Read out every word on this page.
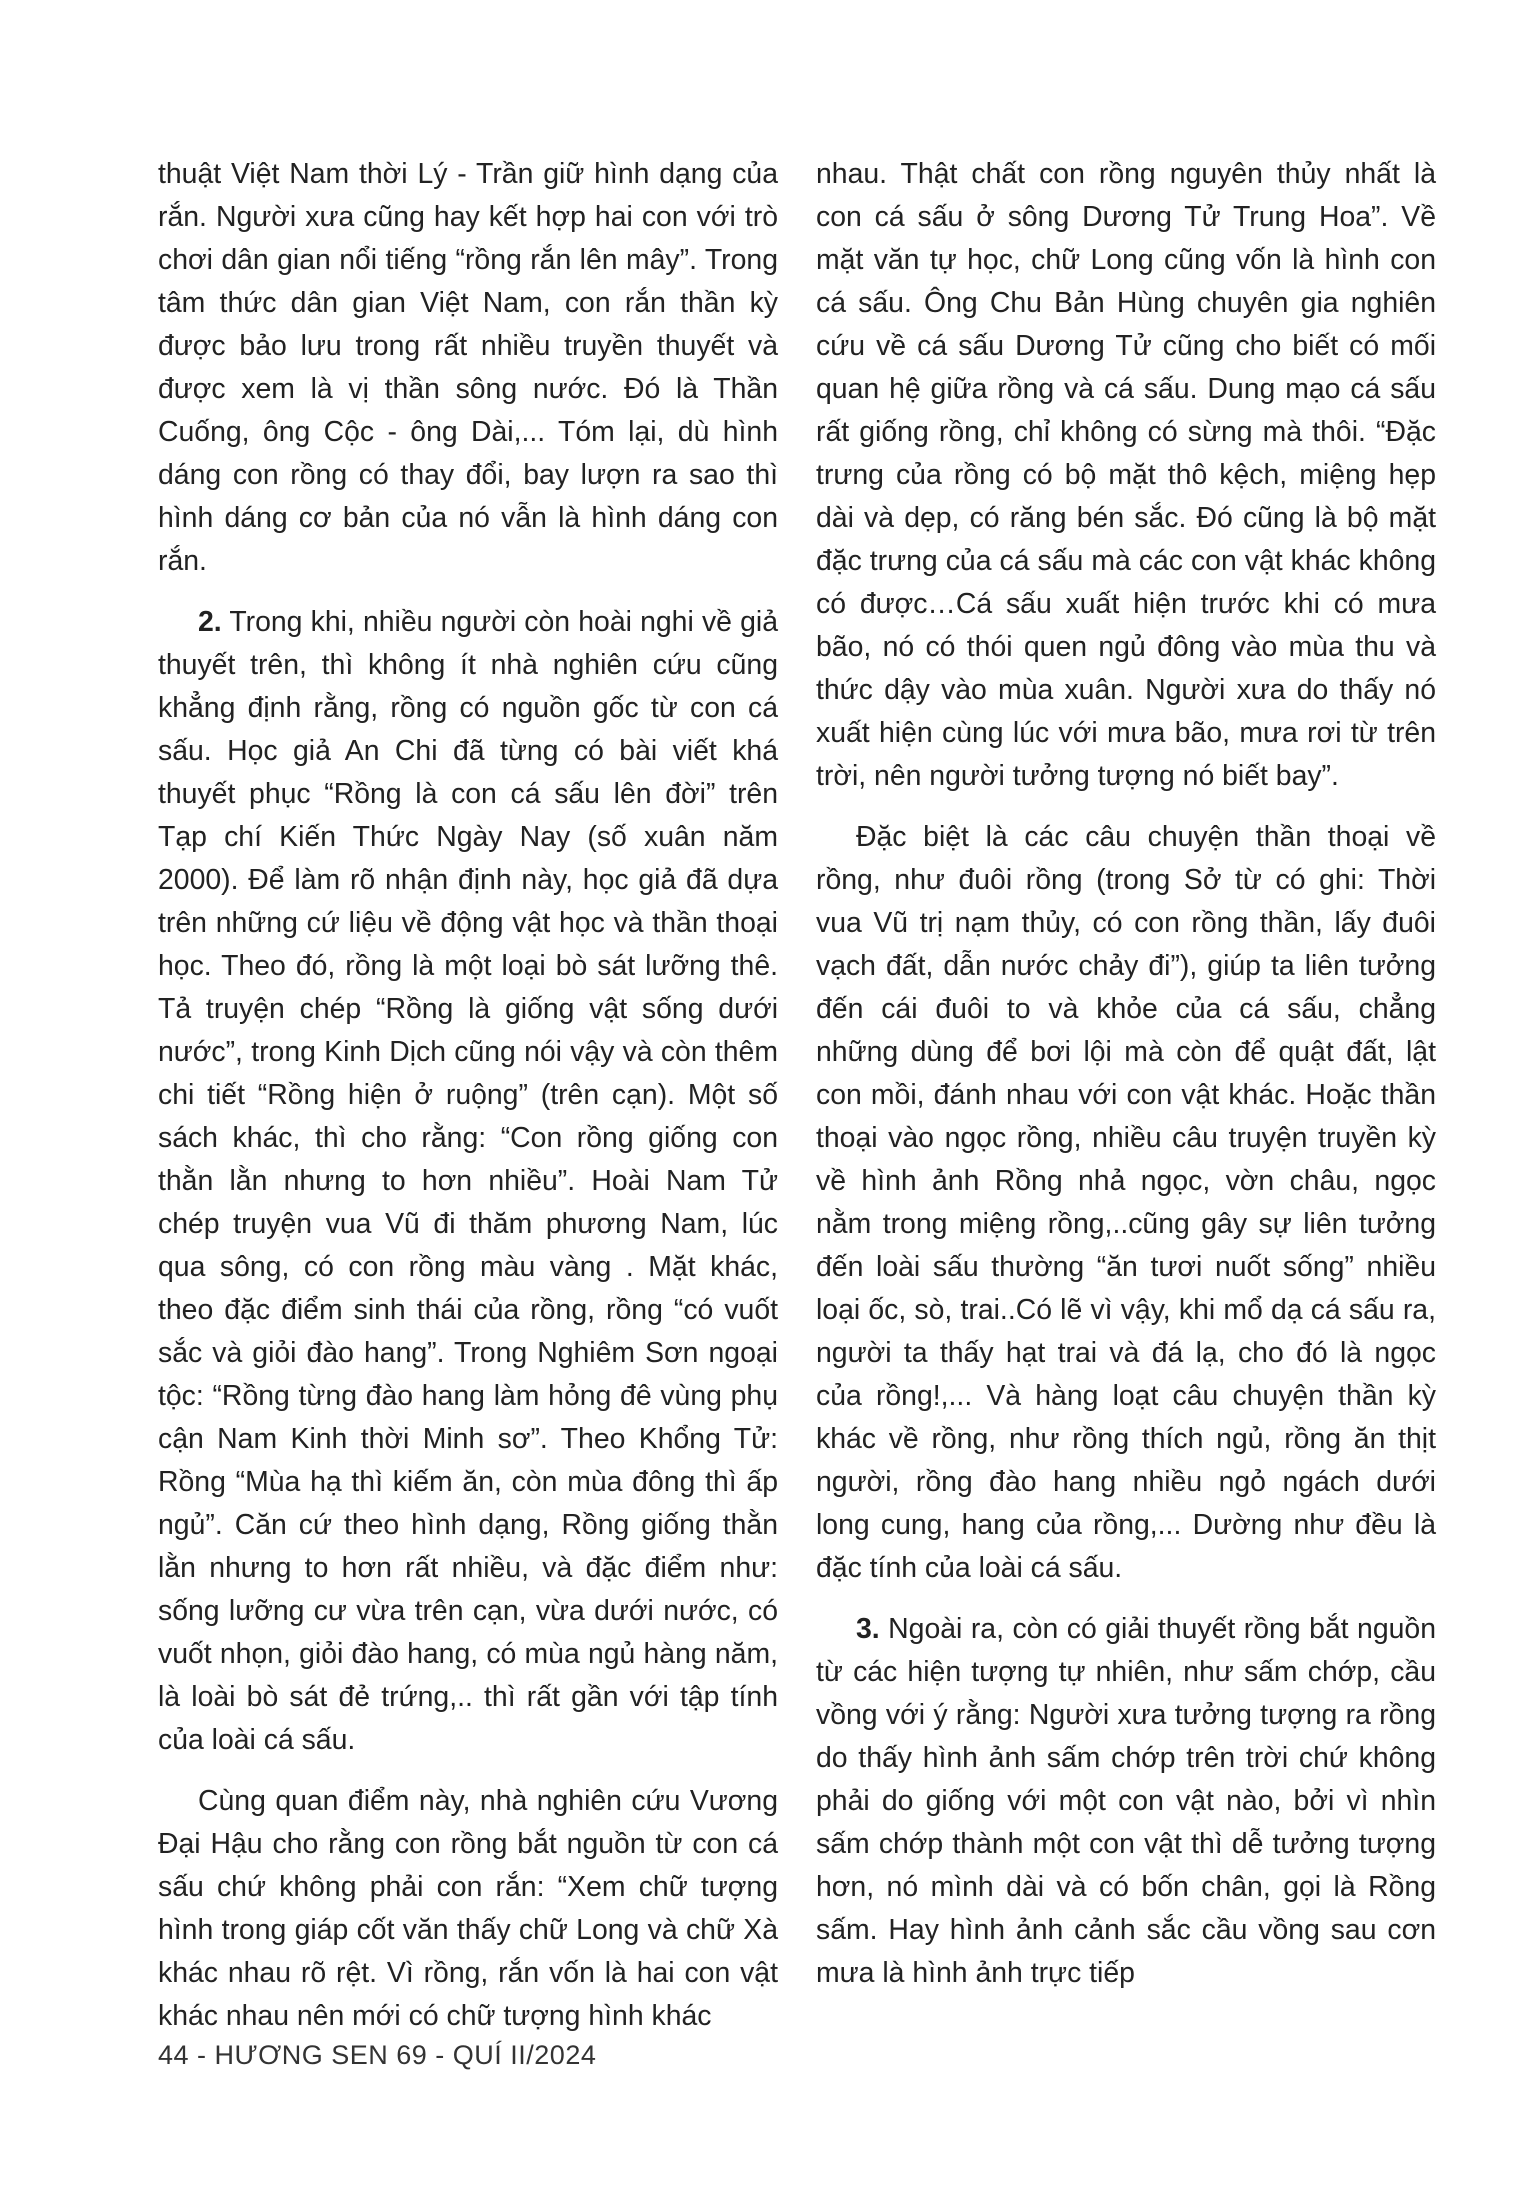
thuật Việt Nam thời Lý - Trần giữ hình dạng của rắn. Người xưa cũng hay kết hợp hai con với trò chơi dân gian nổi tiếng “rồng rắn lên mây”. Trong tâm thức dân gian Việt Nam, con rắn thần kỳ được bảo lưu trong rất nhiều truyền thuyết và được xem là vị thần sông nước. Đó là Thần Cuống, ông Cộc - ông Dài,... Tóm lại, dù hình dáng con rồng có thay đổi, bay lượn ra sao thì hình dáng cơ bản của nó vẫn là hình dáng con rắn.

2. Trong khi, nhiều người còn hoài nghi về giả thuyết trên, thì không ít nhà nghiên cứu cũng khẳng định rằng, rồng có nguồn gốc từ con cá sấu. Học giả An Chi đã từng có bài viết khá thuyết phục “Rồng là con cá sấu lên đời” trên Tạp chí Kiến Thức Ngày Nay (số xuân năm 2000). Để làm rõ nhận định này, học giả đã dựa trên những cứ liệu về động vật học và thần thoại học. Theo đó, rồng là một loại bò sát lưỡng thê. Tả truyện chép “Rồng là giống vật sống dưới nước”, trong Kinh Dịch cũng nói vậy và còn thêm chi tiết “Rồng hiện ở ruộng” (trên cạn). Một số sách khác, thì cho rằng: “Con rồng giống con thằn lằn nhưng to hơn nhiều”. Hoài Nam Tử chép truyện vua Vũ đi thăm phương Nam, lúc qua sông, có con rồng màu vàng . Mặt khác, theo đặc điểm sinh thái của rồng, rồng “có vuốt sắc và giỏi đào hang”. Trong Nghiêm Sơn ngoại tộc: “Rồng từng đào hang làm hỏng đê vùng phụ cận Nam Kinh thời Minh sơ”. Theo Khổng Tử: Rồng “Mùa hạ thì kiếm ăn, còn mùa đông thì ấp ngủ”. Căn cứ theo hình dạng, Rồng giống thằn lằn nhưng to hơn rất nhiều, và đặc điểm như: sống lưỡng cư vừa trên cạn, vừa dưới nước, có vuốt nhọn, giỏi đào hang, có mùa ngủ hàng năm, là loài bò sát đẻ trứng,.. thì rất gần với tập tính của loài cá sấu.

Cùng quan điểm này, nhà nghiên cứu Vương Đại Hậu cho rằng con rồng bắt nguồn từ con cá sấu chứ không phải con rắn: “Xem chữ tượng hình trong giáp cốt văn thấy chữ Long và chữ Xà khác nhau rõ rệt. Vì rồng, rắn vốn là hai con vật khác nhau nên mới có chữ tượng hình khác

nhau. Thật chất con rồng nguyên thủy nhất là con cá sấu ở sông Dương Tử Trung Hoa”. Về mặt văn tự học, chữ Long cũng vốn là hình con cá sấu. Ông Chu Bản Hùng chuyên gia nghiên cứu về cá sấu Dương Tử cũng cho biết có mối quan hệ giữa rồng và cá sấu. Dung mạo cá sấu rất giống rồng, chỉ không có sừng mà thôi. “Đặc trưng của rồng có bộ mặt thô kệch, miệng hẹp dài và dẹp, có răng bén sắc. Đó cũng là bộ mặt đặc trưng của cá sấu mà các con vật khác không có được…Cá sấu xuất hiện trước khi có mưa bão, nó có thói quen ngủ đông vào mùa thu và thức dậy vào mùa xuân. Người xưa do thấy nó xuất hiện cùng lúc với mưa bão, mưa rơi từ trên trời, nên người tưởng tượng nó biết bay”.

Đặc biệt là các câu chuyện thần thoại về rồng, như đuôi rồng (trong Sở từ có ghi: Thời vua Vũ trị nạm thủy, có con rồng thần, lấy đuôi vạch đất, dẫn nước chảy đi”), giúp ta liên tưởng đến cái đuôi to và khỏe của cá sấu, chẳng những dùng để bơi lội mà còn để quật đất, lật con mồi, đánh nhau với con vật khác. Hoặc thần thoại vào ngọc rồng, nhiều câu truyện truyền kỳ về hình ảnh Rồng nhả ngọc, vờn châu, ngọc nằm trong miệng rồng,..cũng gây sự liên tưởng đến loài sấu thường “ăn tươi nuốt sống” nhiều loại ốc, sò, trai..Có lẽ vì vậy, khi mổ dạ cá sấu ra, người ta thấy hạt trai và đá lạ, cho đó là ngọc của rồng!,... Và hàng loạt câu chuyện thần kỳ khác về rồng, như rồng thích ngủ, rồng ăn thịt người, rồng đào hang nhiều ngỏ ngách dưới long cung, hang của rồng,... Dường như đều là đặc tính của loài cá sấu.

3. Ngoài ra, còn có giải thuyết rồng bắt nguồn từ các hiện tượng tự nhiên, như sấm chớp, cầu vồng với ý rằng: Người xưa tưởng tượng ra rồng do thấy hình ảnh sấm chớp trên trời chứ không phải do giống với một con vật nào, bởi vì nhìn sấm chớp thành một con vật thì dễ tưởng tượng hơn, nó mình dài và có bốn chân, gọi là Rồng sấm. Hay hình ảnh cảnh sắc cầu vồng sau cơn mưa là hình ảnh trực tiếp

44 - HƯƠNG SEN 69 - QUÍ II/2024
